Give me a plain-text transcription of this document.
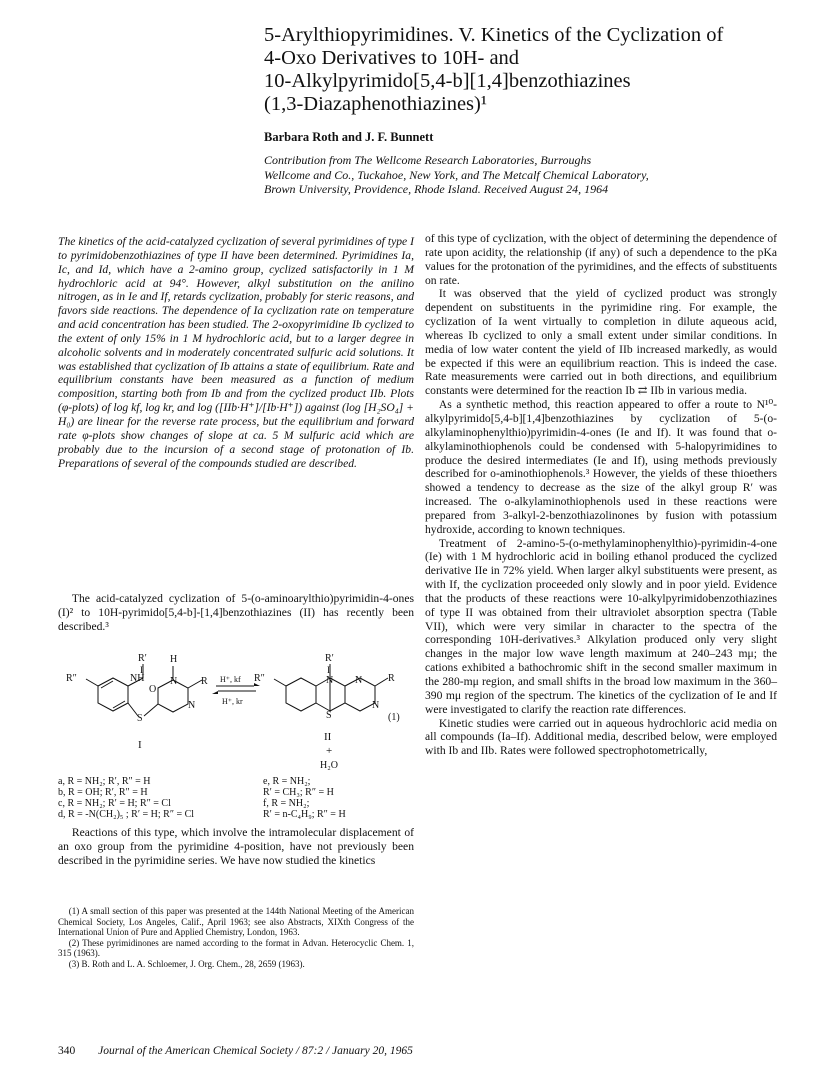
5-Arylthiopyrimidines. V. Kinetics of the Cyclization of
4-Oxo Derivatives to 10H- and
10-Alkylpyrimido[5,4-b][1,4]benzothiazines
(1,3-Diazaphenothiazines)¹
Barbara Roth and J. F. Bunnett
Contribution from The Wellcome Research Laboratories, Burroughs
Wellcome and Co., Tuckahoe, New York, and The Metcalf Chemical Laboratory,
Brown University, Providence, Rhode Island. Received August 24, 1964

The kinetics of the acid-catalyzed cyclization of several pyrimidines of type I to pyrimidobenzothiazines of type II have been determined. Pyrimidines Ia, Ic, and Id, which have a 2-amino group, cyclized satisfactorily in 1 M hydrochloric acid at 94°. However, alkyl substitution on the anilino nitrogen, as in Ie and If, retards cyclization, probably for steric reasons, and favors side reactions. The dependence of Ia cyclization rate on temperature and acid concentration has been studied. The 2-oxopyrimidine Ib cyclized to the extent of only 15% in 1 M hydrochloric acid, but to a larger degree in alcoholic solvents and in moderately concentrated sulfuric acid solutions. It was established that cyclization of Ib attains a state of equilibrium. Rate and equilibrium constants have been measured as a function of medium composition, starting both from Ib and from the cyclized product IIb. Plots (φ-plots) of log kf, log kr, and log ([IIb·H⁺]/[Ib·H⁺]) against (log [H₂SO₄] + H₀) are linear for the reverse rate process, but the equilibrium and forward rate φ-plots show changes of slope at ca. 5 M sulfuric acid which are probably due to the incursion of a second stage of protonation of Ib. Preparations of several of the compounds studied are described.

The acid-catalyzed cyclization of 5-(o-aminoarylthio)pyrimidin-4-ones (I)² to 10H-pyrimido[5,4-b]-[1,4]benzothiazines (II) has recently been described.³

R′
I
NH
R″
S
H
O
N
N
R
I
H⁺, kf
H⁺, kr
R′
I
R″	N N	R
S
N
(1)
II
+
H₂O
a, R = NH₂; R′, R″ = H	e, R = NH₂;
b, R = OH; R′, R″ = H	R′ = CH₃; R″ = H
c, R = NH₂; R′ = H; R″ = Cl	f, R = NH₂;
d, R = -N(CH₂)₅ ; R′ = H; R″ = Cl	R′ = n-C₄H₉; R″ = H
Reactions of this type, which involve the intramolecular displacement of an oxo group from the pyrimidine 4-position, have not previously been described in the pyrimidine series. We have now studied the kinetics

(1) A small section of this paper was presented at the 144th National Meeting of the American Chemical Society, Los Angeles, Calif., April 1963; see also Abstracts, XIXth Congress of the International Union of Pure and Applied Chemistry, London, 1963.

(2) These pyrimidinones are named according to the format in Advan. Heterocyclic Chem. 1, 315 (1963).

(3) B. Roth and L. A. Schloemer, J. Org. Chem., 28, 2659 (1963).

of this type of cyclization, with the object of determining the dependence of rate upon acidity, the relationship (if any) of such a dependence to the pKa values for the protonation of the pyrimidines, and the effects of substituents on rate.

It was observed that the yield of cyclized product was strongly dependent on substituents in the pyrimidine ring. For example, the cyclization of Ia went virtually to completion in dilute aqueous acid, whereas Ib cyclized to only a small extent under similar conditions. In media of low water content the yield of IIb increased markedly, as would be expected if this were an equilibrium reaction. This is indeed the case. Rate measurements were carried out in both directions, and equilibrium constants were determined for the reaction Ib ⇄ IIb in various media.

As a synthetic method, this reaction appeared to offer a route to N¹⁰-alkylpyrimido[5,4-b][1,4]benzothiazines by cyclization of 5-(o-alkylaminophenylthio)pyrimidin-4-ones (Ie and If). It was found that o-alkylaminothiophenols could be condensed with 5-halopyrimidines to produce the desired intermediates (Ie and If), using methods previously described for o-aminothiophenols.³ However, the yields of these thioethers showed a tendency to decrease as the size of the alkyl group R′ was increased. The o-alkylaminothiophenols used in these reactions were prepared from 3-alkyl-2-benzothiazolinones by fusion with potassium hydroxide, according to known techniques.

Treatment of 2-amino-5-(o-methylaminophenylthio)-pyrimidin-4-one (Ie) with 1 M hydrochloric acid in boiling ethanol produced the cyclized derivative IIe in 72% yield. When larger alkyl substituents were present, as with If, the cyclization proceeded only slowly and in poor yield. Evidence that the products of these reactions were 10-alkylpyrimidobenzothiazines of type II was obtained from their ultraviolet absorption spectra (Table VII), which were very similar in character to the spectra of the corresponding 10H-derivatives.³ Alkylation produced only very slight changes in the major low wave length maximum at 240–243 mμ; the cations exhibited a bathochromic shift in the second smaller maximum in the 280-mμ region, and small shifts in the broad low maximum in the 360–390 mμ region of the spectrum. The kinetics of the cyclization of Ie and If were investigated to clarify the reaction rate differences.

Kinetic studies were carried out in aqueous hydrochloric acid media on all compounds (Ia–If). Additional media, described below, were employed with Ib and IIb. Rates were followed spectrophotometrically,

340 Journal of the American Chemical Society / 87:2 / January 20, 1965
